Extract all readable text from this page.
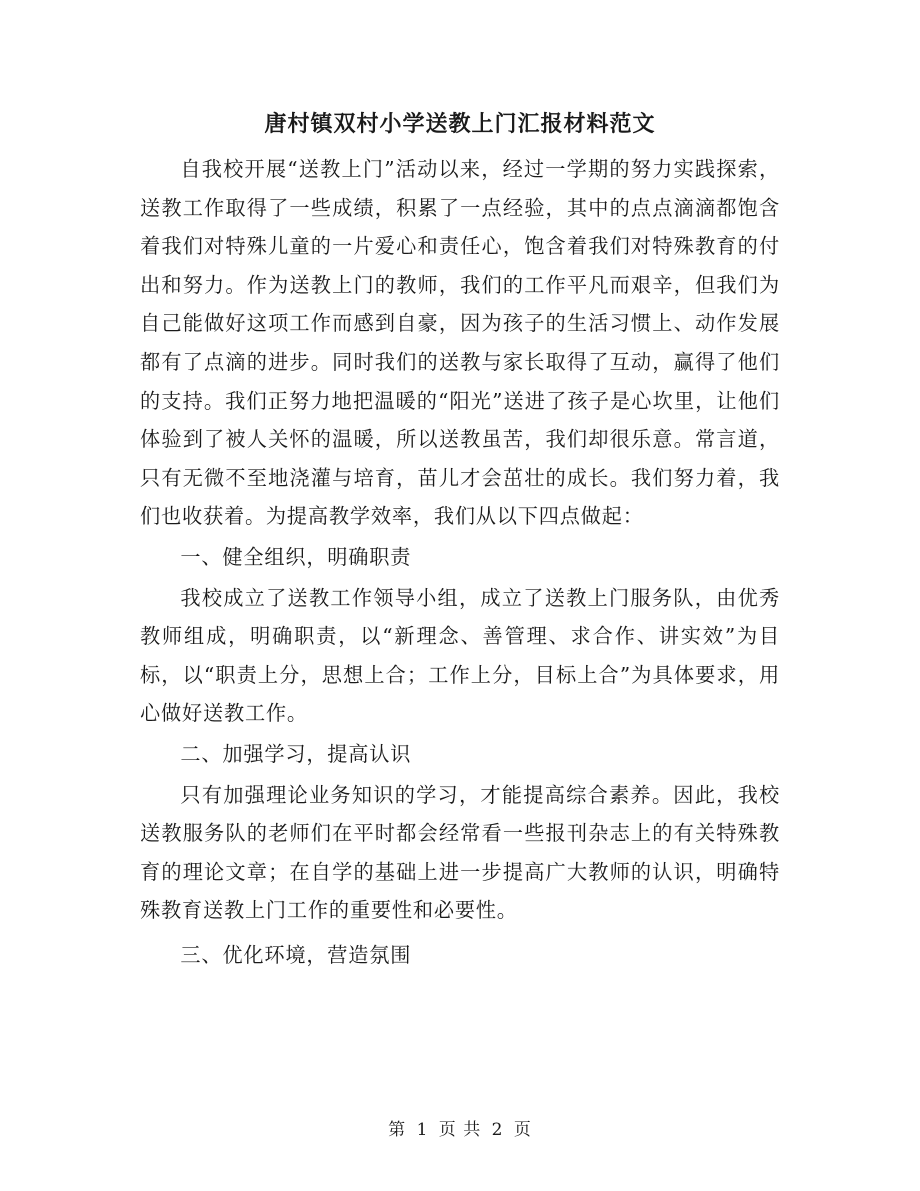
唐村镇双村小学送教上门汇报材料范文

自我校开展“送教上门”活动以来，经过一学期的努力实践探索，送教工作取得了一些成绩，积累了一点经验，其中的点点滴滴都饱含着我们对特殊儿童的一片爱心和责任心，饱含着我们对特殊教育的付出和努力。作为送教上门的教师，我们的工作平凡而艰辛，但我们为自己能做好这项工作而感到自豪，因为孩子的生活习惯上、动作发展都有了点滴的进步。同时我们的送教与家长取得了互动，赢得了他们的支持。我们正努力地把温暖的“阳光”送进了孩子是心坎里，让他们体验到了被人关怀的温暖，所以送教虽苦，我们却很乐意。常言道，只有无微不至地浇灌与培育，苗儿才会茁壮的成长。我们努力着，我们也收获着。为提高教学效率，我们从以下四点做起：

一、健全组织，明确职责

我校成立了送教工作领导小组，成立了送教上门服务队，由优秀教师组成，明确职责，以“新理念、善管理、求合作、讲实效”为目标，以“职责上分，思想上合；工作上分，目标上合”为具体要求，用心做好送教工作。

二、加强学习，提高认识

只有加强理论业务知识的学习，才能提高综合素养。因此，我校送教服务队的老师们在平时都会经常看一些报刊杂志上的有关特殊教育的理论文章；在自学的基础上进一步提高广大教师的认识，明确特殊教育送教上门工作的重要性和必要性。

三、优化环境，营造氛围

第 1 页 共 2 页
